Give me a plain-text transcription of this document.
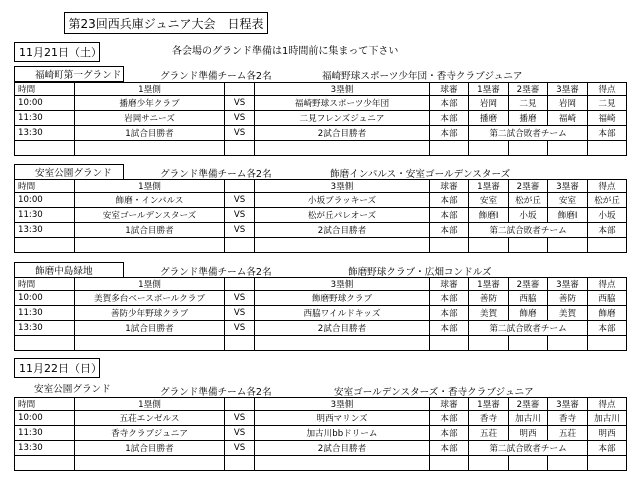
第23回西兵庫ジュニア大会　日程表
11月21日（土）	各会場のグランド準備は1時間前に集まって下さい
福崎町第一グランド	グランド準備チーム各2名	福崎野球スポーツ少年団・香寺クラブジュニア
時間	1塁側		3塁側	球審	1塁審	2塁審	3塁審	得点
10:00	播磨少年クラブ	VS	福崎野球スポーツ少年団	本部	岩岡	二見	岩岡	二見
11:30	岩岡サニーズ	VS	二見フレンズジュニア	本部	播磨	播磨	福崎	福崎
13:30	1試合目勝者	VS	2試合目勝者	本部	第二試合敗者チーム			本部

安室公園グランド	グランド準備チーム各2名	飾磨インパルス・安室ゴールデンスターズ
時間	1塁側		3塁側	球審	1塁審	2塁審	3塁審	得点
10:00	飾磨・インパルス	VS	小坂ブラッキーズ	本部	安室	松が丘	安室	松が丘
11:30	安室ゴールデンスターズ	VS	松が丘パレオーズ	本部	飾磨I	小坂	飾磨I	小坂
13:30	1試合目勝者	VS	2試合目勝者	本部	第二試合敗者チーム			本部

飾磨中島緑地	グランド準備チーム各2名	飾磨野球クラブ・広畑コンドルズ
時間	1塁側		3塁側	球審	1塁審	2塁審	3塁審	得点
10:00	美賀多台ベースボールクラブ	VS	飾磨野球クラブ	本部	善防	西脇	善防	西脇
11:30	善防少年野球クラブ	VS	西脇ワイルドキッズ	本部	美賀	飾磨	美賀	飾磨
13:30	1試合目勝者	VS	2試合目勝者	本部	第二試合敗者チーム			本部

11月22日（日）
安室公園グランド	グランド準備チーム各2名	安室ゴールデンスターズ・香寺クラブジュニア
時間	1塁側		3塁側	球審	1塁審	2塁審	3塁審	得点
10:00	五荘エンゼルス	VS	明西マリンズ	本部	香寺	加古川	香寺	加古川
11:30	香寺クラブジュニア	VS	加古川bbドリーム	本部	五荘	明西	五荘	明西
13:30	1試合目勝者	VS	2試合目勝者	本部	第二試合敗者チーム			本部
